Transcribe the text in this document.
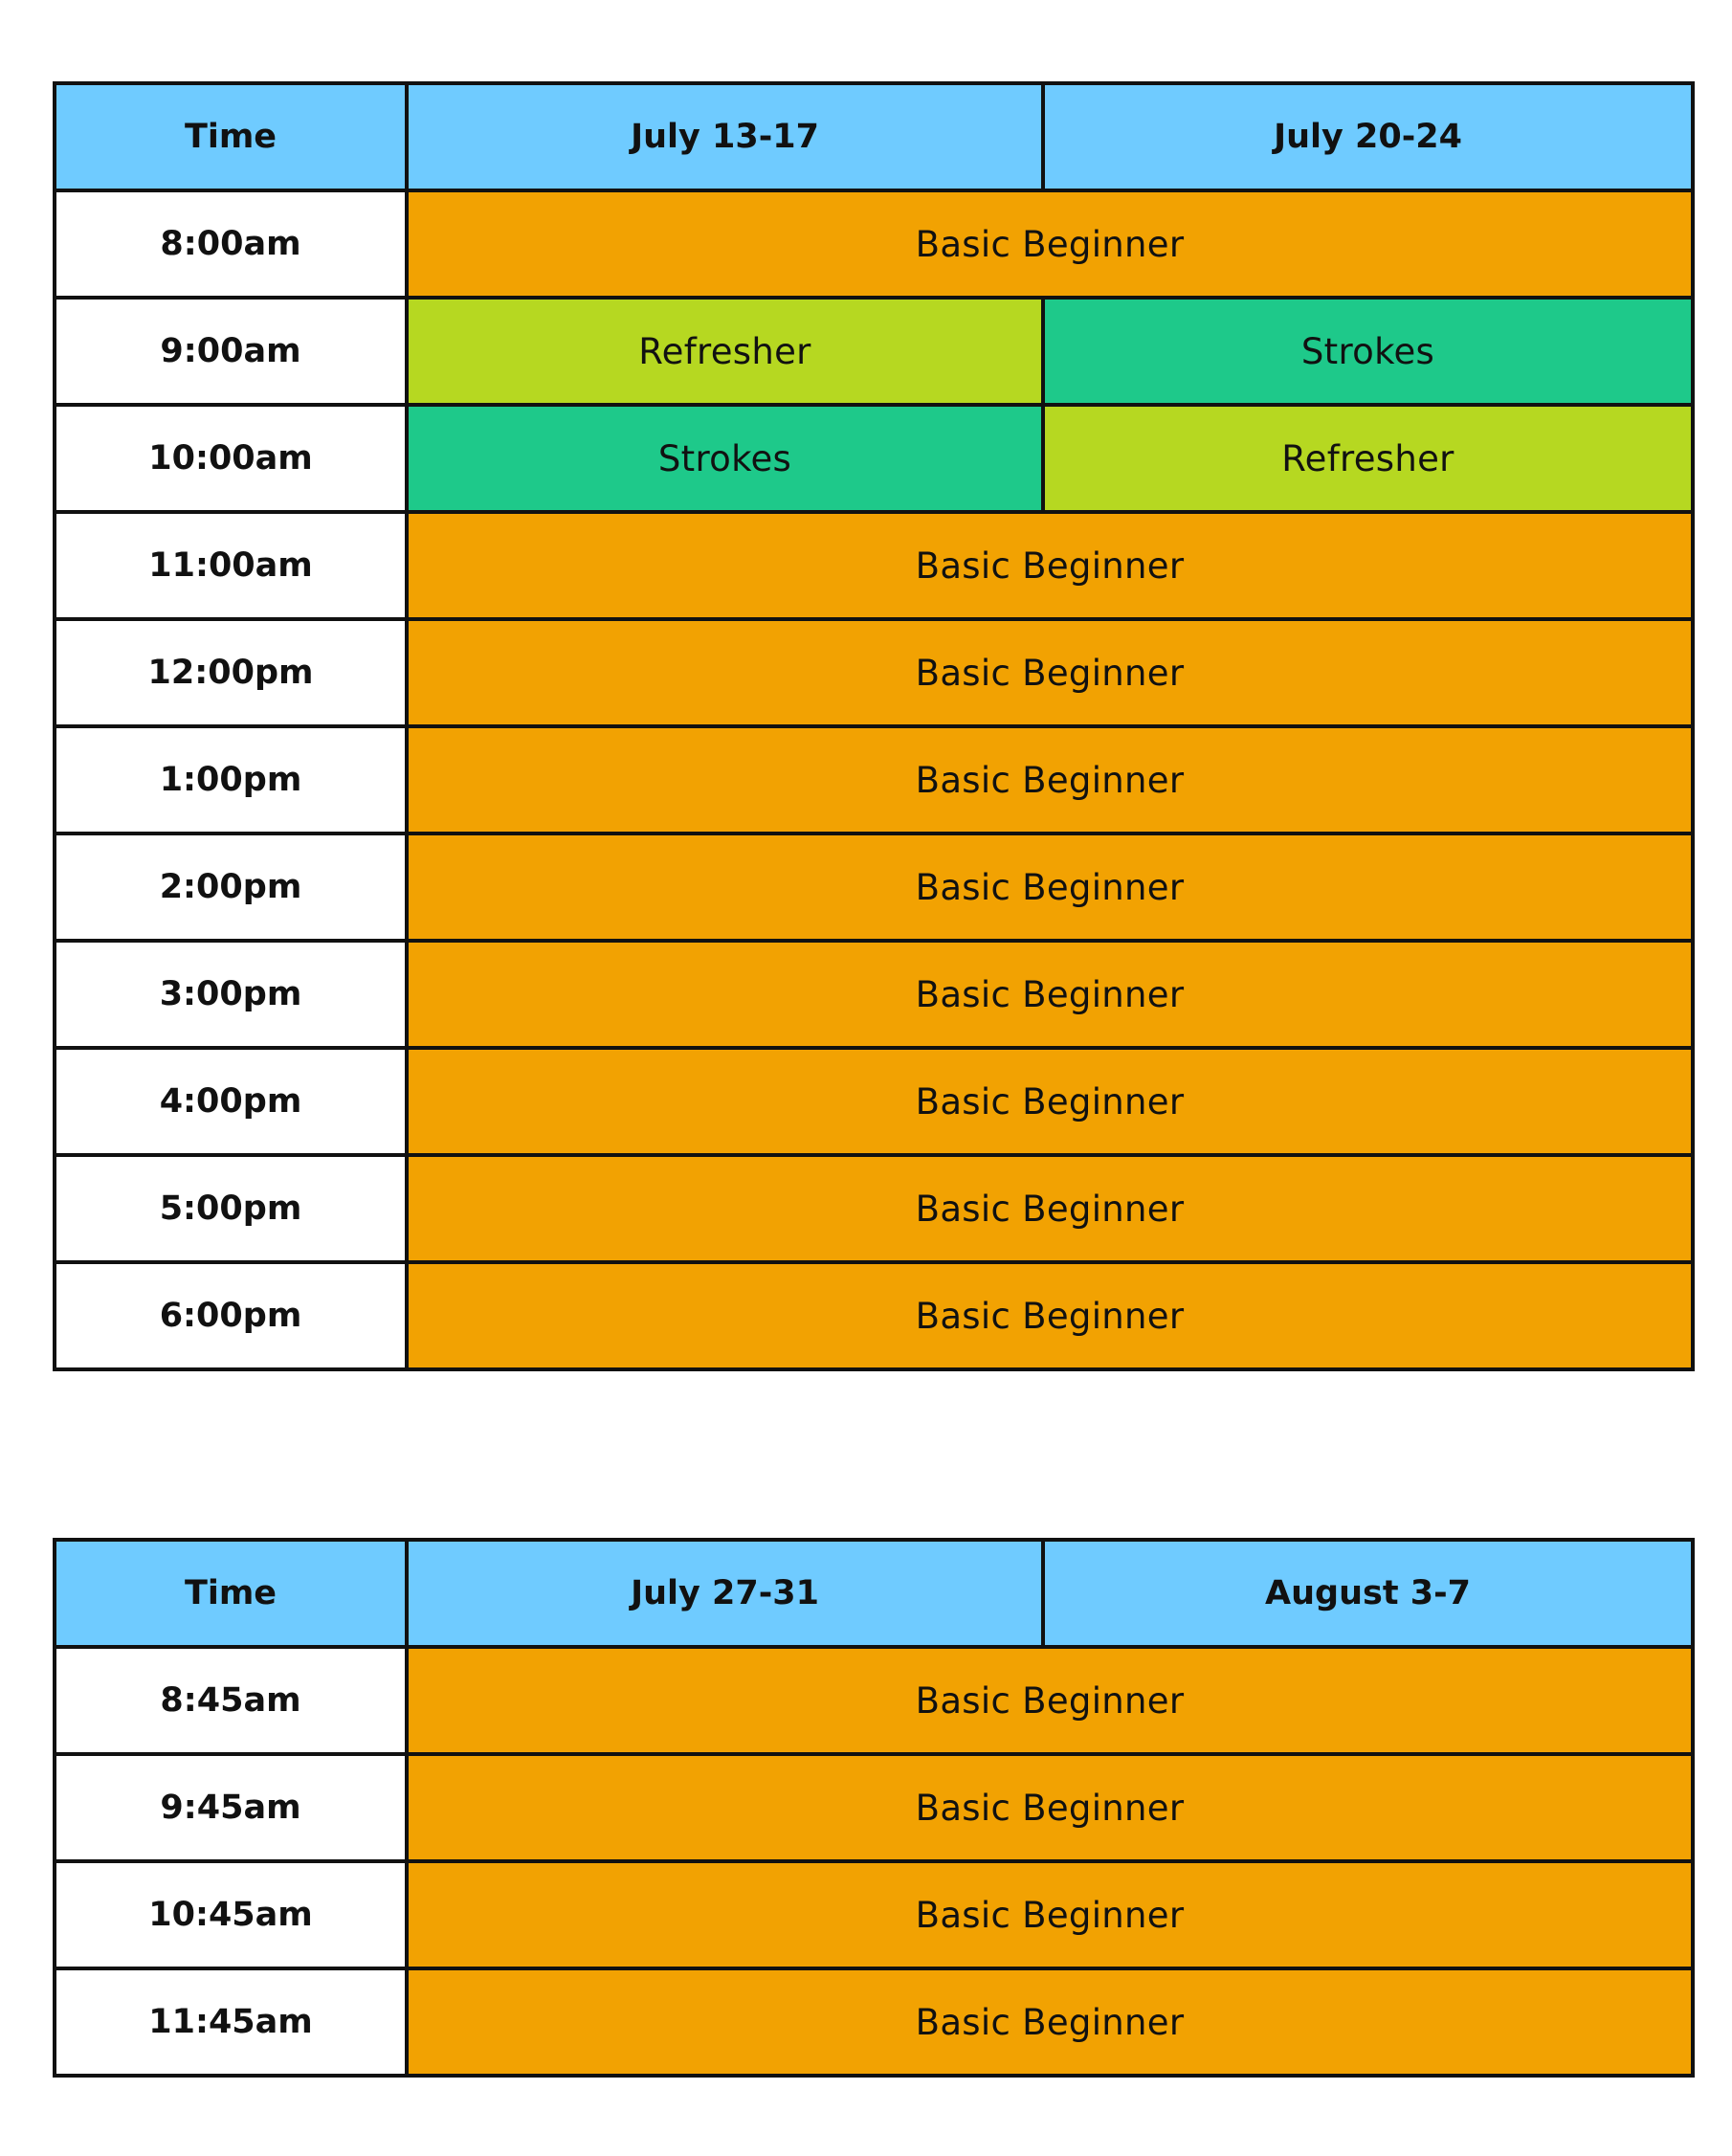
Time	July 13-17	July 20-24
8:00am	Basic Beginner	
9:00am	Refresher	Strokes
10:00am	Strokes	Refresher
11:00am	Basic Beginner	
12:00pm	Basic Beginner	
1:00pm	Basic Beginner	
2:00pm	Basic Beginner	
3:00pm	Basic Beginner	
4:00pm	Basic Beginner	
5:00pm	Basic Beginner	
6:00pm	Basic Beginner	
Time	July 27-31	August 3-7
8:45am	Basic Beginner	
9:45am	Basic Beginner	
10:45am	Basic Beginner	
11:45am	Basic Beginner	
